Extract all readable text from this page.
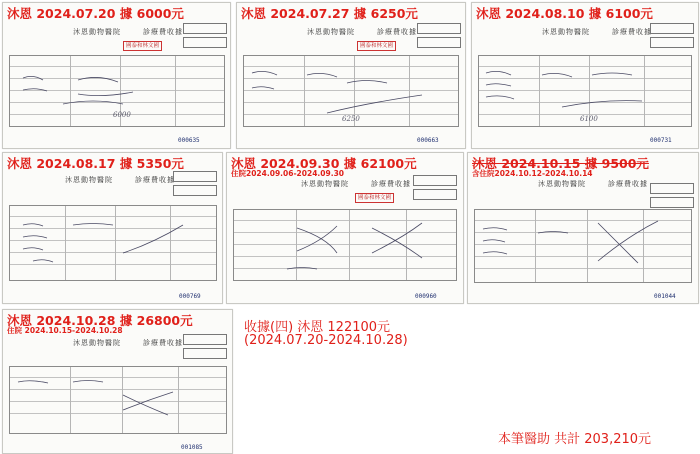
沐恩 2024.07.20 據 6000元
沐恩動物醫院	診療費收據
國泰和林文國
6000
000635
沐恩 2024.07.27 據 6250元
沐恩動物醫院	診療費收據
國泰和林文國
6250
000663
沐恩 2024.08.10 據 6100元
沐恩動物醫院	診療費收據
6100
000731
沐恩 2024.08.17 據 5350元
沐恩動物醫院	診療費收據
000769
沐恩 2024.09.30 據 62100元
住院2024.09.06-2024.09.30
沐恩動物醫院	診療費收據
國泰和林文國
000960
沐恩 2024.10.15 據 9500元
含住院2024.10.12-2024.10.14
沐恩動物醫院	診療費收據
001044
沐恩 2024.10.28 據 26800元
住院 2024.10.15-2024.10.28
沐恩動物醫院	診療費收據
001085
收據(四) 沐恩 122100元
(2024.07.20-2024.10.28)
本筆醫助 共計 203,210元
